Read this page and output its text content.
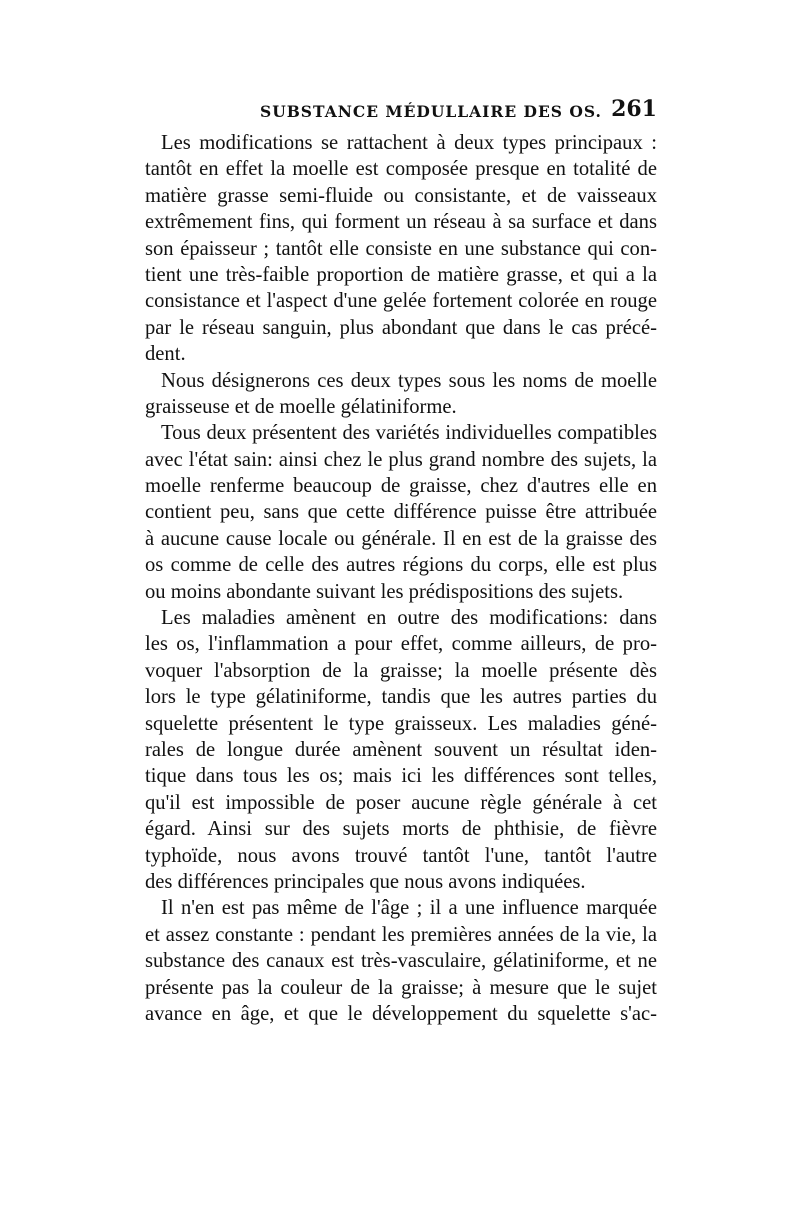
SUBSTANCE MÉDULLAIRE DES OS. 261
Les modifications se rattachent à deux types principaux :
tantôt en effet la moelle est composée presque en totalité de
matière grasse semi-fluide ou consistante, et de vaisseaux
extrêmement fins, qui forment un réseau à sa surface et dans
son épaisseur ; tantôt elle consiste en une substance qui con-
tient une très-faible proportion de matière grasse, et qui a la
consistance et l'aspect d'une gelée fortement colorée en rouge
par le réseau sanguin, plus abondant que dans le cas précé-
dent.
Nous désignerons ces deux types sous les noms de moelle
graisseuse et de moelle gélatiniforme.
Tous deux présentent des variétés individuelles compatibles
avec l'état sain: ainsi chez le plus grand nombre des sujets, la
moelle renferme beaucoup de graisse, chez d'autres elle en
contient peu, sans que cette différence puisse être attribuée
à aucune cause locale ou générale. Il en est de la graisse des
os comme de celle des autres régions du corps, elle est plus
ou moins abondante suivant les prédispositions des sujets.
Les maladies amènent en outre des modifications: dans
les os, l'inflammation a pour effet, comme ailleurs, de pro-
voquer l'absorption de la graisse; la moelle présente dès
lors le type gélatiniforme, tandis que les autres parties du
squelette présentent le type graisseux. Les maladies géné-
rales de longue durée amènent souvent un résultat iden-
tique dans tous les os; mais ici les différences sont telles,
qu'il est impossible de poser aucune règle générale à cet
égard. Ainsi sur des sujets morts de phthisie, de fièvre
typhoïde, nous avons trouvé tantôt l'une, tantôt l'autre
des différences principales que nous avons indiquées.
Il n'en est pas même de l'âge ; il a une influence marquée
et assez constante : pendant les premières années de la vie, la
substance des canaux est très-vasculaire, gélatiniforme, et ne
présente pas la couleur de la graisse; à mesure que le sujet
avance en âge, et que le développement du squelette s'ac-
